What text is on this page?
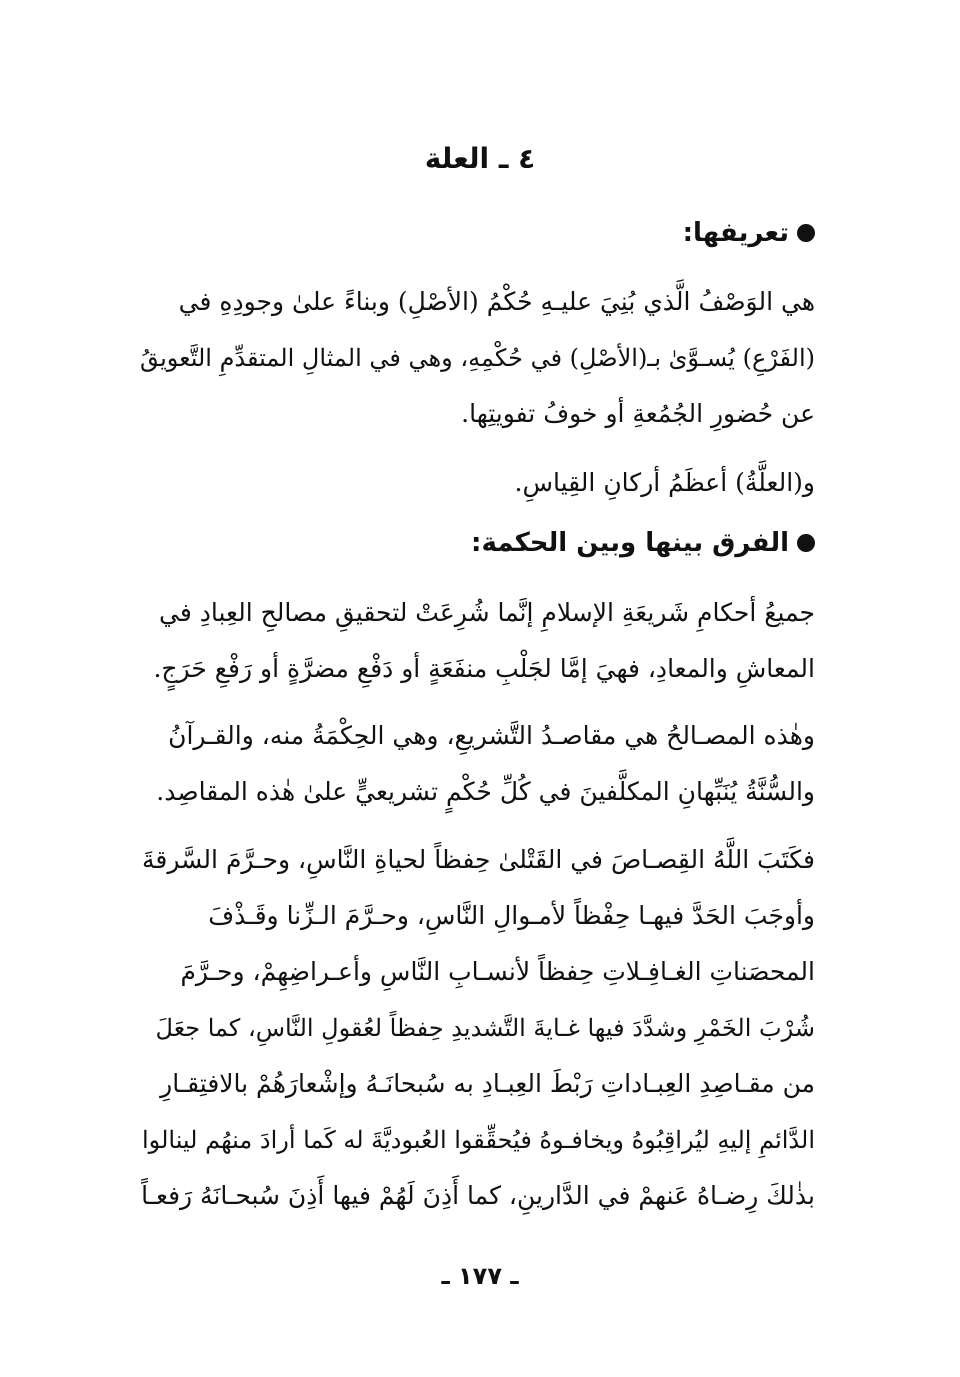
٤ ـ العلة
تعريفها:
هي الوَصْفُ الَّذي بُنِيَ عليـهِ حُكْمُ (الأصْلِ) وبناءً علىٰ وجودِهِ في
(الفَرْعِ) يُسـوَّىٰ بـ(الأصْلِ) في حُكْمِهِ، وهي في المثالِ المتقدِّمِ التَّعويقُ
عن حُضورِ الجُمُعةِ أو خوفُ تفويتِها.
و(العلَّةُ) أعظَمُ أركانِ القِياسِ.
الفرق بينها وبين الحكمة:
جميعُ أحكامِ شَريعَةِ الإسلامِ إنَّما شُرِعَتْ لتحقيقِ مصالحِ العِبادِ في
المعاشِ والمعادِ، فهيَ إمَّا لجَلْبِ منفَعَةٍ أو دَفْعِ مضرَّةٍ أو رَفْعِ حَرَجٍ.
وهٰذه المصـالحُ هي مقاصـدُ التَّشريعِ، وهي الحِكْمَةُ منه، والقـرآنُ
والسُّنَّةُ يُنَبِّهانِ المكلَّفينَ في كُلِّ حُكْمٍ تشريعيٍّ علىٰ هٰذه المقاصِد.
فكَتَبَ اللَّهُ القِصـاصَ في القَتْلىٰ حِفظاً لحياةِ النَّاسِ، وحـرَّمَ السَّرقةَ
وأوجَبَ الحَدَّ فيهـا حِفْظاً لأمـوالِ النَّاسِ، وحـرَّمَ الـزِّنا وقَـذْفَ
المحصَناتِ الغـافِـلاتِ حِفظاً لأنسـابِ النَّاسِ وأعـراضِهِمْ، وحـرَّمَ
شُرْبَ الخَمْرِ وشدَّدَ فيها غـايةَ التَّشديدِ حِفظاً لعُقولِ النَّاسِ، كما جعَلَ
من مقـاصِدِ العِبـاداتِ رَبْطَ العِبـادِ به سُبحانَـهُ وإشْعارَهُمْ بالافتِقـارِ
الدَّائمِ إليهِ ليُراقِبُوهُ ويخافـوهُ فيُحقِّقوا العُبوديَّةَ له كَما أرادَ منهُم لينالوا
بذٰلكَ رِضـاهُ عَنهمْ في الدَّارينِ، كما أَذِنَ لَهُمْ فيها أَذِنَ سُبحـانَهُ رَفعـاً
ـ ١٧٧ ـ
